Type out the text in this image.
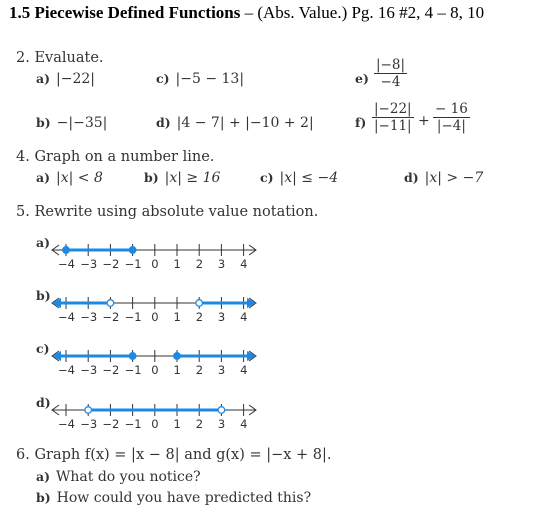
1.5 Piecewise Defined Functions – (Abs. Value.) Pg. 16 #2, 4 – 8, 10
2. Evaluate.
a) |−22|	c) |−5 − 13|	$e) \frac{|-8|}{-4}$
b) −|−35|	d) |4 − 7| + |−10 + 2|	$f) \frac{|-22|}{|-11|} + \frac{- 16}{|-4|}$
4. Graph on a number line.
a) |x| < 8	b) |x| ≥ 16	c) |x| ≤ −4	d) |x| > −7
5. Rewrite using absolute value notation.
a)
−4 −3 −2 −1 0 1 2 3 4
b)
−4 −3 −2 −1 0 1 2 3 4
c)
−4 −3 −2 −1 0 1 2 3 4
d)
−4 −3 −2 −1 0 1 2 3 4
6. Graph f(x) = |x − 8| and g(x) = |−x + 8|.
a) What do you notice?
b) How could you have predicted this?
